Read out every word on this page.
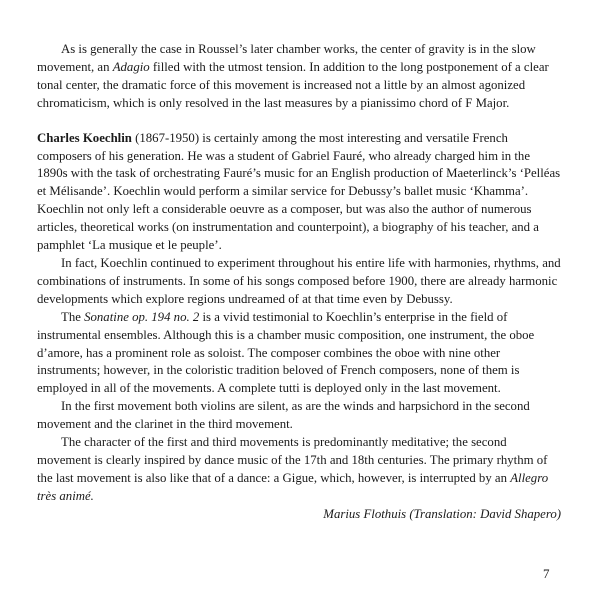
As is generally the case in Roussel’s later chamber works, the center of gravity is in the slow movement, an Adagio filled with the utmost tension. In addition to the long postponement of a clear tonal center, the dramatic force of this movement is increased not a little by an almost agonized chromaticism, which is only resolved in the last measures by a pianissimo chord of F Major.

Charles Koechlin (1867-1950) is certainly among the most interesting and versatile French composers of his generation. He was a student of Gabriel Fauré, who already charged him in the 1890s with the task of orchestrating Fauré’s music for an English production of Maeterlinck’s ‘Pelléas et Mélisande’. Koechlin would perform a similar service for Debussy’s ballet music ‘Khamma’. Koechlin not only left a considerable oeuvre as a composer, but was also the author of numerous articles, theoretical works (on instrumentation and counterpoint), a biography of his teacher, and a pamphlet ‘La musique et le peuple’.

In fact, Koechlin continued to experiment throughout his entire life with harmonies, rhythms, and combinations of instruments. In some of his songs composed before 1900, there are already harmonic developments which explore regions undreamed of at that time even by Debussy.

The Sonatine op. 194 no. 2 is a vivid testimonial to Koechlin’s enterprise in the field of instrumental ensembles. Although this is a chamber music composition, one instrument, the oboe d’amore, has a prominent role as soloist. The composer combines the oboe with nine other instruments; however, in the coloristic tradition beloved of French composers, none of them is employed in all of the movements. A complete tutti is deployed only in the last movement.

In the first movement both violins are silent, as are the winds and harpsichord in the second movement and the clarinet in the third movement.

The character of the first and third movements is predominantly meditative; the second movement is clearly inspired by dance music of the 17th and 18th centuries. The primary rhythm of the last movement is also like that of a dance: a Gigue, which, however, is interrupted by an Allegro très animé.

Marius Flothuis (Translation: David Shapero)

7
